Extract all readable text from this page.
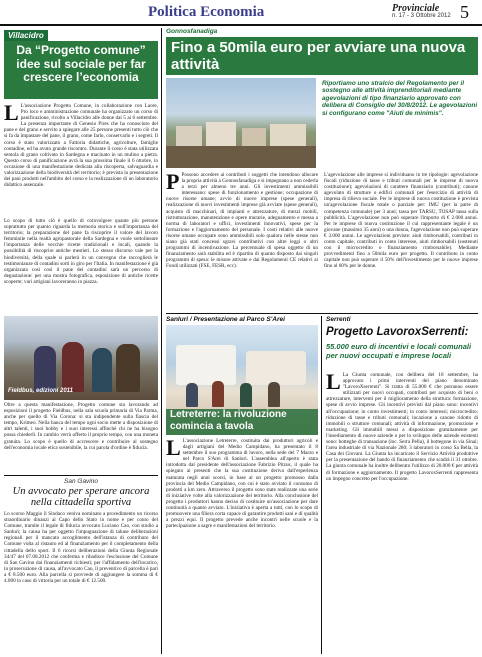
Politica Economia	Provinciale
n. 17 - 3 Ottobre 2012 5
Villacidro
Da “Progetto comune” idee sul sociale per far crescere l’economia
L L'associazione Progetto Comune, in collaborazione con Laore, Pro loco e amministrazione comunale ha organizzato un corso di panificazione, rivolto a Villacidro alle donne dai 5 ai 6 settembre. La presenza importante di Genesio Pires che ha conosciuto del pane e del grano e servito a spiegare alle 25 persone presenti tutto ciò che si fa da impastare del pane, il grano, come farlo, conservarlo e i segreti. Il corso è stato valorizzato a Fattoria didattiche, agricolture, famiglie contadine, ed ha avuto grande riscontro. Durante il corso è stata utilizzata semola di grano coltivato in Sardegna e macinato in un mulino a pietra. Questo corso di panificazione avrà la sua prossima finale il 6 ottobre, in occasione di una manifestazione dedicata alla riscoperta, salvaguardia e valorizzazione della biodiversità del territorio; è prevista la presentazione dei pani prodotti nell'ambito del corso e la realizzazione di un laboratorio didattico assenzale.
Lo scopo di tutto ciò è quello di coinvolgere quante più persone soprattutto per quanto riguarda la memoria storica e sull'importanza del territorio; la preparazione del pane fa riscoprire il valore del lavoro femminile nella realtà agropastorale della Sardegna e vuole sottolineare l'importanza delle vecchie ricette tradizionali e locali, quando la possibilità di riscoprire antiche mestieri. Lo stesso discorso vale per la biodiversità, della quale si parlerà in un convegno che raccoglierà le testimonianze di contadini sorti in giro per l'Italia. In manifestazione è già organizzata così così il pane dei contadini sarà un percorso di degustazione: per una mostra fotografica, esposizione di antiche ricette scoperte; vari artigiani lavoreranno in piazza.
Fieldbus, edizioni 2011
Oltre a questa manifestazione, Progetto comune sta lavorando ad esposizioni il progetto Fieldbus, nella sala scuola primaria di Via Parma, anche per quello di Via Corona: si sta indipendente sulla fiascia del tempo, Krimeo. Nella banca del tempo ogni socio mette a disposizione di altri talenti, i suoi hobby e i suoi interessi affinché chi ne ha bisogno possa chiederli. In cambio verrà offerto il proprio tempo, con una moneta gratuita. Lo scopo è quello di accrescere e contribuire al sostegno dell'economia locale etica sostenibile, la cui parola d'ordine è fiducia.
San Gavino
Un avvocato per sperare ancora nella cittadella sportiva
Lo scorso Maggio il Sindaco veniva nominato a procedimento un ricorso straordinario dinanzi al Capo dello Stato in nome e per conto del Comune, tramite il legale di fiducia avvocato Luciano Cao, con studio a Sanluri; la causa ha per oggetto l'impugnazione di talune deliberazioni regionali per il mancato accoglimento dell'istanza di contributo del Comune volta al ristauro ed al finanziamento per il completamento della cittadella dello sport. Il 6 ricorsi deliberazioni della Giunta Regionale 34/47 del 07.08.2012 che conferma e ribadisce l'esclusione del Comune di San Gavino dai finanziamenti richiesti; per l'affidamento dell'incarico, in prosecuzione di causa, all'avvocato Cao, il preventivo di parcella è pari a € 8.500 euro. Alla parcella si provvede di aggiungere la somma di € 4.000 in caso di vittoria per un totale di € 12.500.
Gonnosfanadiga
Fino a 50mila euro per avviare una nuova attività
Riportiamo uno stralcio del Regolamento per il sostegno alle attività imprenditoriali mediante agevolazioni di tipo finanziario approvato con delibera di Consiglio del 30/8/2012. Le agevolazioni si configurano come "Aiuti de minimis".
P Possono accedere ai contributi i soggetti che intendono allocare la propria attività a Gonnosfanadiga e si impegnano a non cederla a terzi per almeno tre anni. Gli investimenti ammissibili interessano: spese di funzionamento e gestione; occupazione di nuove risorse umane; avvio di nuove imprese (spese generali), realizzazione di nuovi investimenti imprese già avviate (spese generali), acquisto di macchinari, di impianti e attrezzature, di mezzi mobili, ristrutturazione, manutenzione e opere murarie, adeguamento e messa a norma di laboratori e uffici, investimenti innovativi, spese per la formazione e l'aggiornamento del personale. I costi relativi alle nuove risorse umane occupate sono ammissibili solo qualora nelle stesse non siano già stati concessi sgravi contributivi con altre leggi o altri programmi di incentivazione. La percentuale di spesa oggetto di un finanziamento sarà stabilita ed è ripartita di quanto disposto dai singoli programmi di spesa: le misure attivate e dai Regolamenti CE relativi ai Fondi utilizzati (FSE, FESR, ecc).
L'agevolazione alle imprese si individuano in tre tipologie: agevolazione fiscali (riduzione di tasse e tributi comunali per le imprese di nuova costituzione); agevolazioni di carattere finanziario (contributi); canone agevolato di strutture o edifici comunali per l'esercizio di attività di impresa di rilievo sociale. Per le imprese di nuova costituzione è prevista un'agevolazione fiscale totale o parziale per: IMU (per la parte di competenza comunale) per 3 anni; tassa per TARSU, TOSAP tassa sulla pubblicità. L'agevolazione non può superare l'importo di € 2.000 annui. Per le imprese di nuova costituzione il cui rappresentante legale è un giovane (massimo 35 anni) o una donna, l'agevolazione non può superare € 3.000 annui. Le agevolazioni previste: aiuti rimborsabili, contributi in conto capitale, contributi in conto interesse, aiuti rimborsabili (sostenuti con il microcredito o finanziamento rimborsabile). Mediante provvedimenti fino a 50mila euro per progetto. Il contributo in conto capitale non può superare il 50% dell'investimento per le nuove imprese fino al 60% per le donne.
Sanluri / Presentazione al Parco S'Arei
Letreterre: la rivoluzione comincia a tavola
L L'associazione Letreterre, costituita dai produttori agricoli e dagli artigiani del Medio Campidano, ha presentato il 8 settembre il suo programma di lavoro, nella sede del 7 Marzo e nel Parco S'Arei di Sanluri. L'assemblea all'aperto è stata introdotta dal presidente dell'associazione Fabrizio Pitzus, il quale ha spiegato ai presenti che la sua costituzione deriva dall'esperienza maturata negli anni scorsi, in base al un progetto promosso dalla provincia del Medio Campidano, con cui è stato avviato il consumo di prodotti a km zero. Attraverso il progetto sono state realizzate una serie di iniziative volte alla valorizzazione del territorio. Alla conclusione del progetto i produttori hanno deciso di costituire un'associazione per dare continuità a quanto avviato. L'iniziativa è aperta a tutti, con lo scopo di promuovere una filiera corta capace di garantire prodotti sani e di qualità a prezzi equi. Il progetto prevede anche incontri nelle scuole e la partecipazione a sagre e manifestazioni del territorio.
Serrenti
Progetto LavoroxSerrenti:
55.000 euro di incentivi e locali comunali per nuovi occupati e imprese locali
L La Giunta comunale, con delibera del 18 settembre, ha approvato i primi interventi del piano denominato "LavoroXserrenti". Si tratta di 55.000 € che potranno essere utilizzati per nuovi occupati, contributi per acquisto di beni o attrezzature, interventi per il miglioramento della struttura: formazione, spese di avvio imprese. Gli incentivi previsti dal piano sono: incentivi all'occupazione; in conto investimenti; in conto interessi; microcredito; riduzione di tasse e tributi comunali; locazione a canone ridotto di immobili o strutture comunali; attività di informazione, promozione e marketing. Gli immobili messi a disposizione gratuitamente per l'insediamento di nuove aziende o per lo sviluppo delle aziende esistenti sono: botteghe di transazione (loc. Serra Pella), il bottegone in via Sinai; l'area industriale di via Nazionale 280; 3 laboratori in corso Sa Bella, la Casa dei Giovani. La Giunta ha incaricato il Servizio Attività produttive per la presentazione del bando di finanziamento che scadrà il 31 ottobre. La giunta comunale ha inoltre deliberato l'utilizzo di 20.000 € per attività di formazione e aggiornamento. Il progetto LavoroxSerrenti rappresenta un impegno concreto per l'occupazione.
